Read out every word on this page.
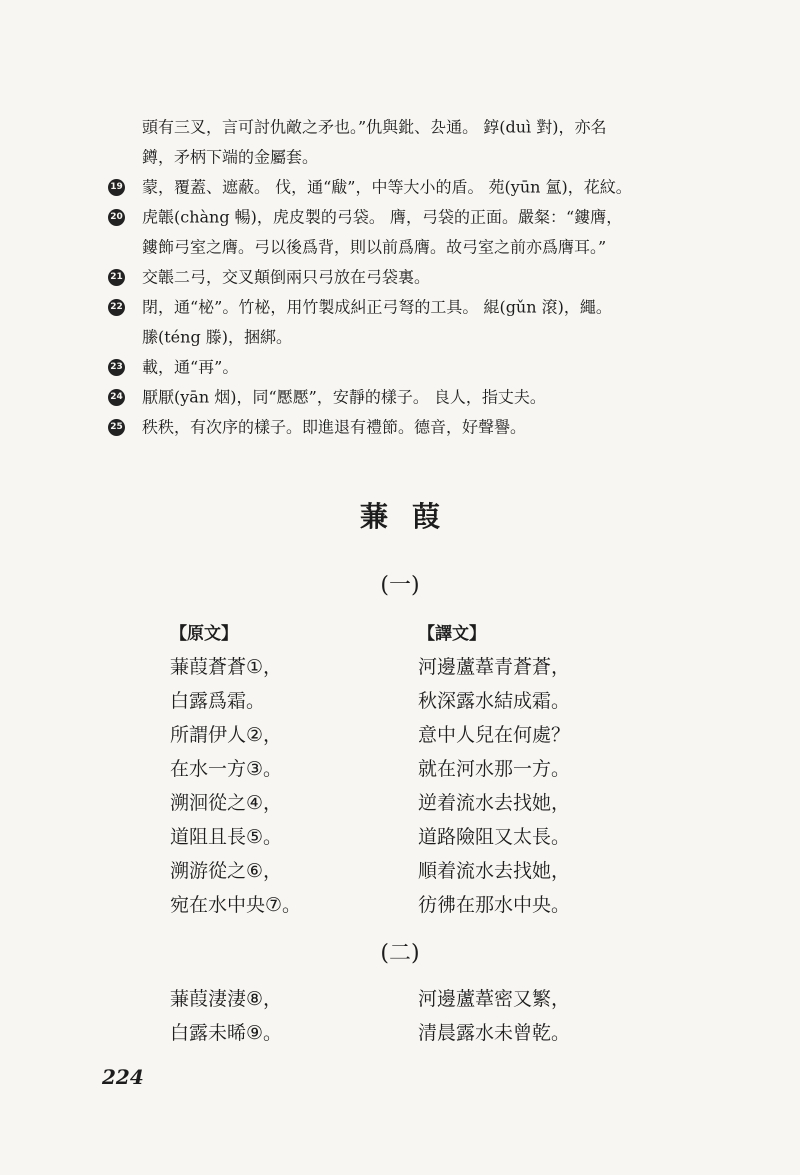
頭有三叉，言可討仇敵之矛也。”仇與鈚、厹通。 錞(duì 對)，亦名
鐏，矛柄下端的金屬套。
19 蒙，覆蓋、遮蔽。 伐，通“瞂”，中等大小的盾。 苑(yūn 氳)，花紋。
20 虎韔(chàng 暢)，虎皮製的弓袋。 膺，弓袋的正面。嚴粲：“鏤膺，
鏤飾弓室之膺。弓以後爲背，則以前爲膺。故弓室之前亦爲膺耳。”
21 交韔二弓，交叉顛倒兩只弓放在弓袋裏。
22 閉，通“柲”。竹柲，用竹製成糾正弓弩的工具。 緄(gǔn 滾)，繩。
縢(téng 滕)，捆綁。
23 載，通“再”。
24 厭厭(yān 烟)，同“懕懕”，安靜的樣子。 良人，指丈夫。
25 秩秩，有次序的樣子。即進退有禮節。德音，好聲譽。
蒹葭
(一)
【原文】
蒹葭蒼蒼①，
白露爲霜。
所謂伊人②，
在水一方③。
溯洄從之④，
道阻且長⑤。
溯游從之⑥，
宛在水中央⑦。
【譯文】
河邊蘆葦青蒼蒼，
秋深露水結成霜。
意中人兒在何處？
就在河水那一方。
逆着流水去找她，
道路險阻又太長。
順着流水去找她，
彷彿在那水中央。
(二)
蒹葭淒淒⑧，
白露未晞⑨。
河邊蘆葦密又繁，
清晨露水未曾乾。
224
